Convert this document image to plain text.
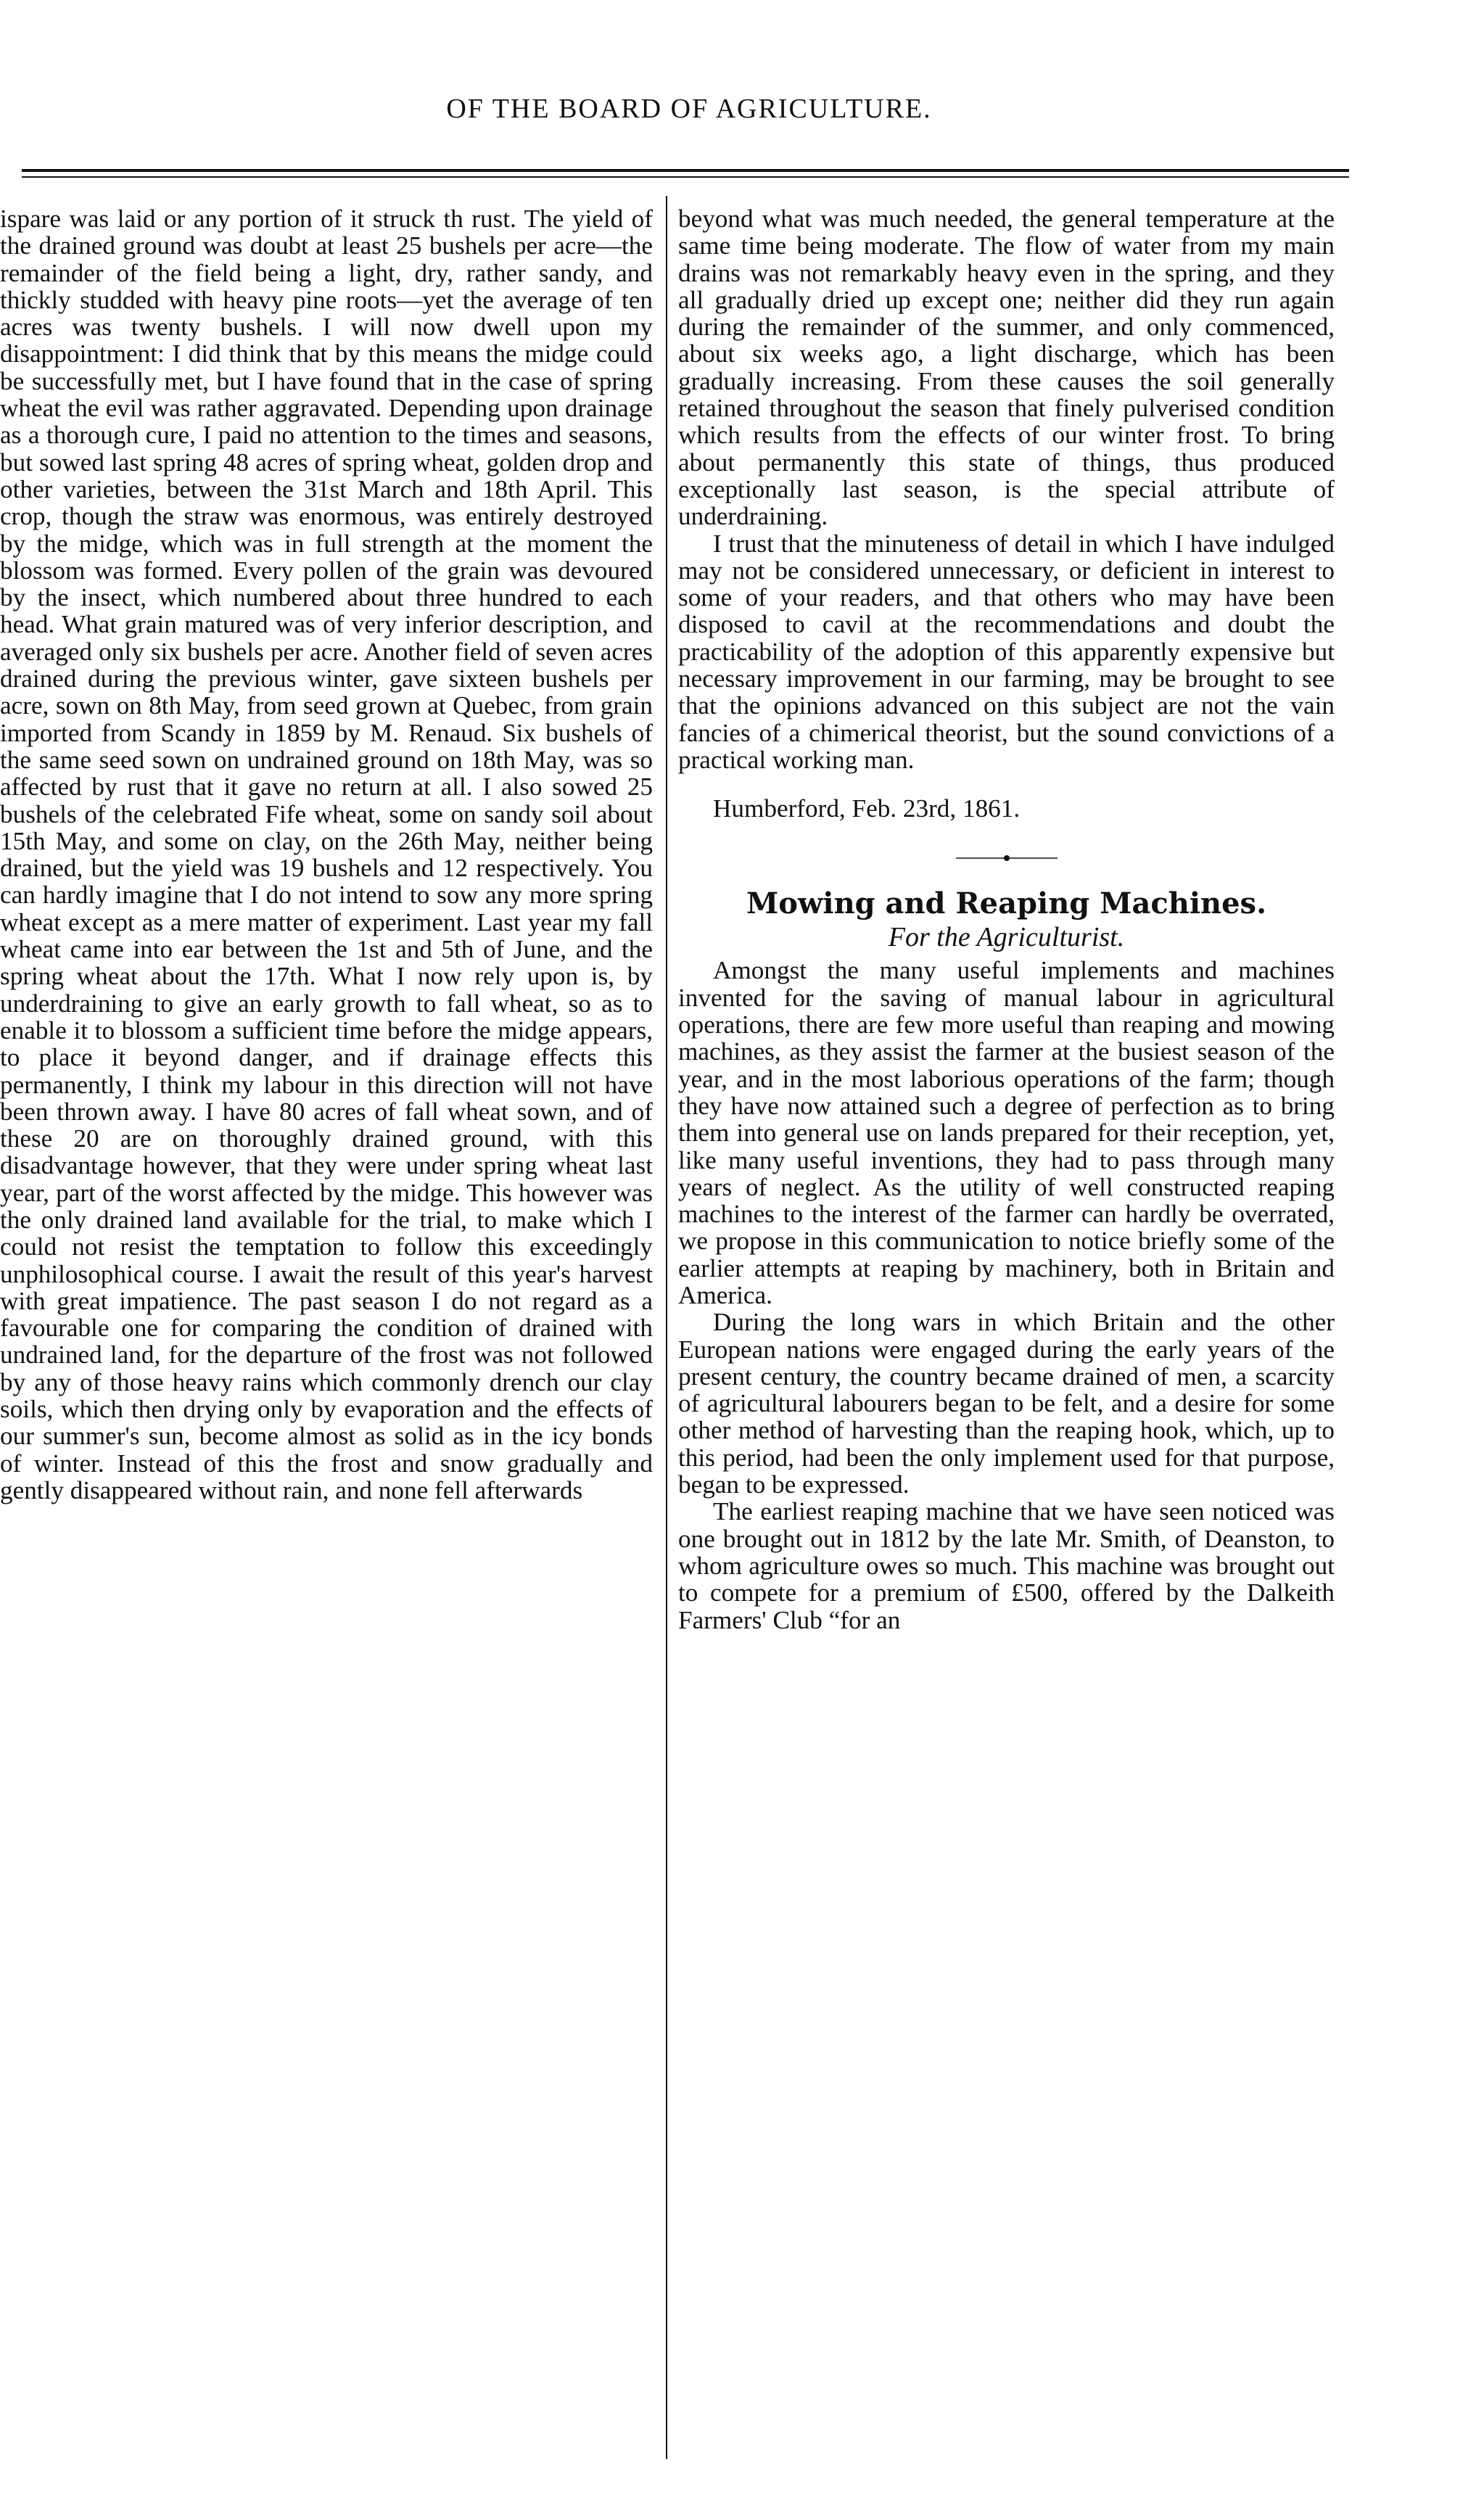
OF THE BOARD OF AGRICULTURE.

ispare was laid or any portion of it struck th rust. The yield of the drained ground was doubt at least 25 bushels per acre—the remainder of the field being a light, dry, rather sandy, and thickly studded with heavy pine roots—yet the average of ten acres was twenty bushels. I will now dwell upon my disappointment: I did think that by this means the midge could be successfully met, but I have found that in the case of spring wheat the evil was rather aggravated. Depending upon drainage as a thorough cure, I paid no attention to the times and seasons, but sowed last spring 48 acres of spring wheat, golden drop and other varieties, between the 31st March and 18th April. This crop, though the straw was enormous, was entirely destroyed by the midge, which was in full strength at the moment the blossom was formed. Every pollen of the grain was devoured by the insect, which numbered about three hundred to each head. What grain matured was of very inferior description, and averaged only six bushels per acre. Another field of seven acres drained during the previous winter, gave sixteen bushels per acre, sown on 8th May, from seed grown at Quebec, from grain imported from Scandy in 1859 by M. Renaud. Six bushels of the same seed sown on undrained ground on 18th May, was so affected by rust that it gave no return at all. I also sowed 25 bushels of the celebrated Fife wheat, some on sandy soil about 15th May, and some on clay, on the 26th May, neither being drained, but the yield was 19 bushels and 12 respectively. You can hardly imagine that I do not intend to sow any more spring wheat except as a mere matter of experiment. Last year my fall wheat came into ear between the 1st and 5th of June, and the spring wheat about the 17th. What I now rely upon is, by underdraining to give an early growth to fall wheat, so as to enable it to blossom a sufficient time before the midge appears, to place it beyond danger, and if drainage effects this permanently, I think my labour in this direction will not have been thrown away. I have 80 acres of fall wheat sown, and of these 20 are on thoroughly drained ground, with this disadvantage however, that they were under spring wheat last year, part of the worst affected by the midge. This however was the only drained land available for the trial, to make which I could not resist the temptation to follow this exceedingly unphilosophical course. I await the result of this year's harvest with great impatience. The past season I do not regard as a favourable one for comparing the condition of drained with undrained land, for the departure of the frost was not followed by any of those heavy rains which commonly drench our clay soils, which then drying only by evaporation and the effects of our summer's sun, become almost as solid as in the icy bonds of winter. Instead of this the frost and snow gradually and gently disappeared without rain, and none fell afterwards

beyond what was much needed, the general temperature at the same time being moderate. The flow of water from my main drains was not remarkably heavy even in the spring, and they all gradually dried up except one; neither did they run again during the remainder of the summer, and only commenced, about six weeks ago, a light discharge, which has been gradually increasing. From these causes the soil generally retained throughout the season that finely pulverised condition which results from the effects of our winter frost. To bring about permanently this state of things, thus produced exceptionally last season, is the special attribute of underdraining.

I trust that the minuteness of detail in which I have indulged may not be considered unnecessary, or deficient in interest to some of your readers, and that others who may have been disposed to cavil at the recommendations and doubt the practicability of the adoption of this apparently expensive but necessary improvement in our farming, may be brought to see that the opinions advanced on this subject are not the vain fancies of a chimerical theorist, but the sound convictions of a practical working man.

Humberford, Feb. 23rd, 1861.

Mowing and Reaping Machines.
For the Agriculturist.

Amongst the many useful implements and machines invented for the saving of manual labour in agricultural operations, there are few more useful than reaping and mowing machines, as they assist the farmer at the busiest season of the year, and in the most laborious operations of the farm; though they have now attained such a degree of perfection as to bring them into general use on lands prepared for their reception, yet, like many useful inventions, they had to pass through many years of neglect. As the utility of well constructed reaping machines to the interest of the farmer can hardly be overrated, we propose in this communication to notice briefly some of the earlier attempts at reaping by machinery, both in Britain and America.

During the long wars in which Britain and the other European nations were engaged during the early years of the present century, the country became drained of men, a scarcity of agricultural labourers began to be felt, and a desire for some other method of harvesting than the reaping hook, which, up to this period, had been the only implement used for that purpose, began to be expressed.

The earliest reaping machine that we have seen noticed was one brought out in 1812 by the late Mr. Smith, of Deanston, to whom agriculture owes so much. This machine was brought out to compete for a premium of £500, offered by the Dalkeith Farmers' Club “for an
